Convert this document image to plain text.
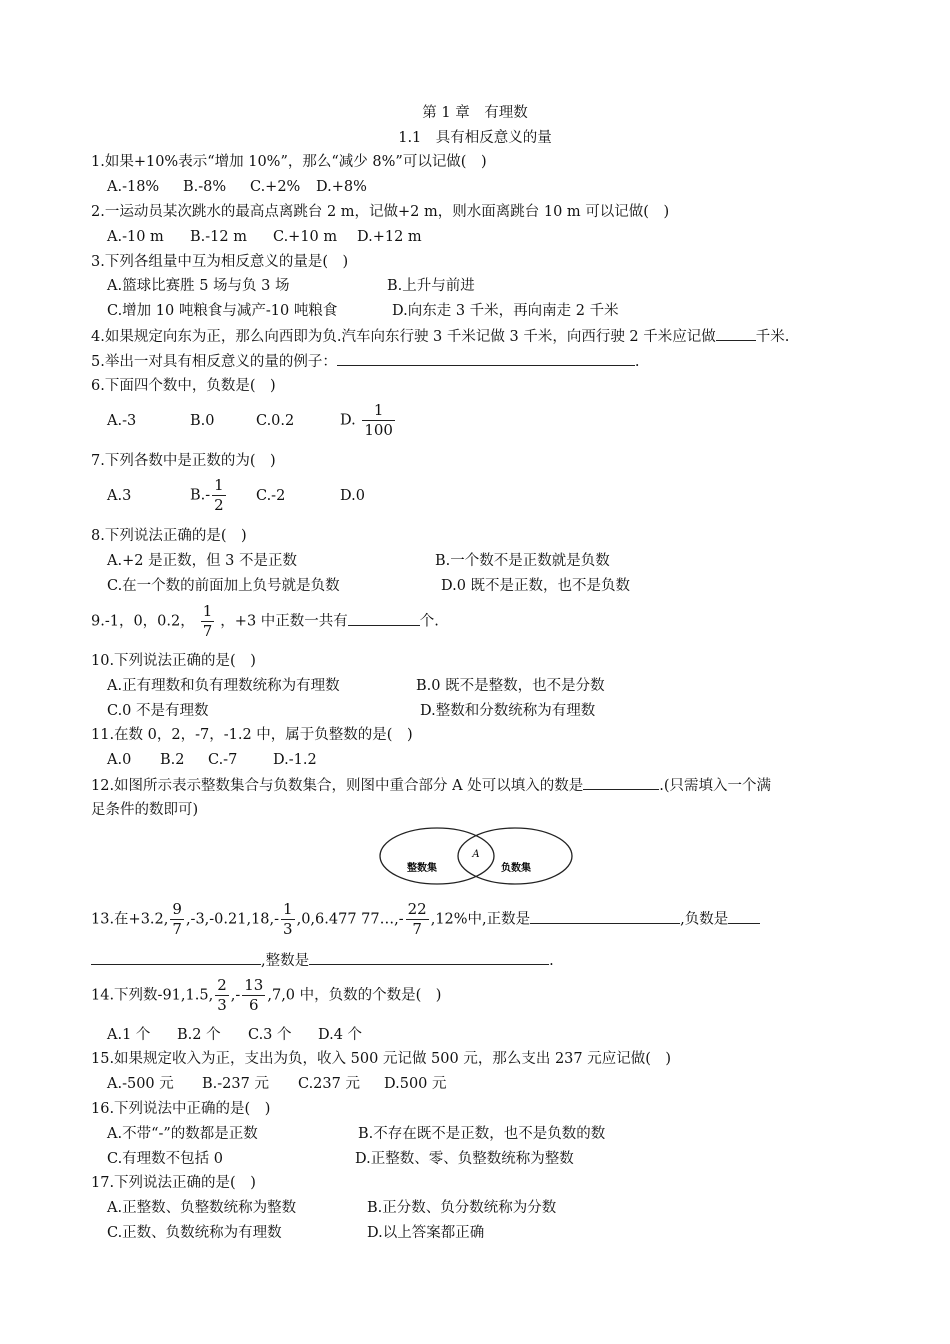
第 1 章　有理数
1.1　具有相反意义的量
1.如果+10%表示“增加 10%”，那么“减少 8%”可以记做(　)
A.-18% B.-8% C.+2% D.+8%
2.一运动员某次跳水的最高点离跳台 2 m，记做+2 m，则水面离跳台 10 m 可以记做(　)
A.-10 m B.-12 m C.+10 m D.+12 m
3.下列各组量中互为相反意义的量是(　)
A.篮球比赛胜 5 场与负 3 场	B.上升与前进
C.增加 10 吨粮食与减产-10 吨粮食	D.向东走 3 千米，再向南走 2 千米
4.如果规定向东为正，那么向西即为负.汽车向东行驶 3 千米记做 3 千米，向西行驶 2 千米应记做	千米.
5.举出一对具有相反意义的量的例子：	.
6.下面四个数中，负数是(　)
A.-3	B.0	C.0.2	D. $\frac{1}{100}$
7.下列各数中是正数的为(　)
A.3	$B.- \frac{1}{2} C.-2$	D.0
8.下列说法正确的是(　)
A.+2 是正数，但 3 不是正数	B.一个数不是正数就是负数
C.在一个数的前面加上负号就是负数	D.0 既不是正数，也不是负数
9.-1，0，0.2， $\frac{1}{7}$ ，+3 中正数一共有	个.
10.下列说法正确的是(　)
A.正有理数和负有理数统称为有理数	B.0 既不是整数，也不是分数
C.0 不是有理数	D.整数和分数统称为有理数
11.在数 0，2，-7，-1.2 中，属于负整数的是(　)
A.0 B.2 C.-7 D.-1.2
12.如图所示表示整数集合与负数集合，则图中重合部分 A 处可以填入的数是	.(只需填入一个满
足条件的数即可)
整数集	负数集
A
13.在+3.2, $\frac{9}{7} ,-3,-0.21,18,- \frac{1}{3} ,0,6.477$ 77…,- $\frac{22}{7} ,12\%$中,正数是	,负数是
,整数是	.
14.下列数-91,1.5, $\frac{2}{3}$ ,- $\frac{13}{6} ,7,0$ 中，负数的个数是(　)
A.1 个 B.2 个 C.3 个 D.4 个
15.如果规定收入为正，支出为负，收入 500 元记做 500 元，那么支出 237 元应记做(　)
A.-500 元 B.-237 元 C.237 元 D.500 元
16.下列说法中正确的是(　)
A.不带“-”的数都是正数	B.不存在既不是正数，也不是负数的数
C.有理数不包括 0	D.正整数、零、负整数统称为整数
17.下列说法正确的是(　)
A.正整数、负整数统称为整数	B.正分数、负分数统称为分数
C.正数、负数统称为有理数	D.以上答案都正确
